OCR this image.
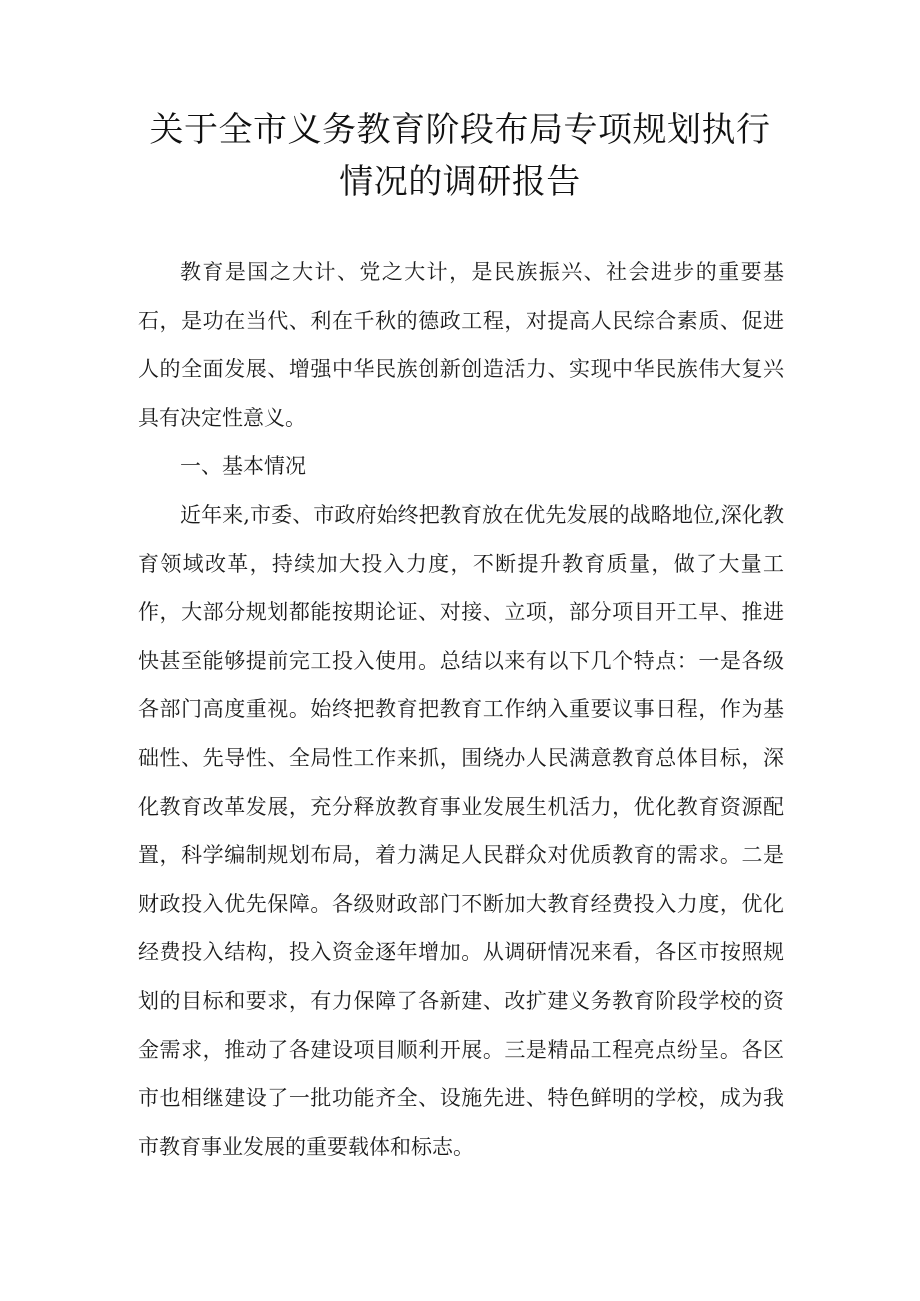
关于全市义务教育阶段布局专项规划执行
情况的调研报告

教育是国之大计、党之大计，是民族振兴、社会进步的重要基石，是功在当代、利在千秋的德政工程，对提高人民综合素质、促进人的全面发展、增强中华民族创新创造活力、实现中华民族伟大复兴具有决定性意义。

一、基本情况

近年来,市委、市政府始终把教育放在优先发展的战略地位,深化教育领域改革，持续加大投入力度，不断提升教育质量，做了大量工作，大部分规划都能按期论证、对接、立项，部分项目开工早、推进快甚至能够提前完工投入使用。总结以来有以下几个特点：一是各级各部门高度重视。始终把教育把教育工作纳入重要议事日程，作为基础性、先导性、全局性工作来抓，围绕办人民满意教育总体目标，深化教育改革发展，充分释放教育事业发展生机活力，优化教育资源配置，科学编制规划布局，着力满足人民群众对优质教育的需求。二是财政投入优先保障。各级财政部门不断加大教育经费投入力度，优化经费投入结构，投入资金逐年增加。从调研情况来看，各区市按照规划的目标和要求，有力保障了各新建、改扩建义务教育阶段学校的资金需求，推动了各建设项目顺利开展。三是精品工程亮点纷呈。各区市也相继建设了一批功能齐全、设施先进、特色鲜明的学校，成为我市教育事业发展的重要载体和标志。
